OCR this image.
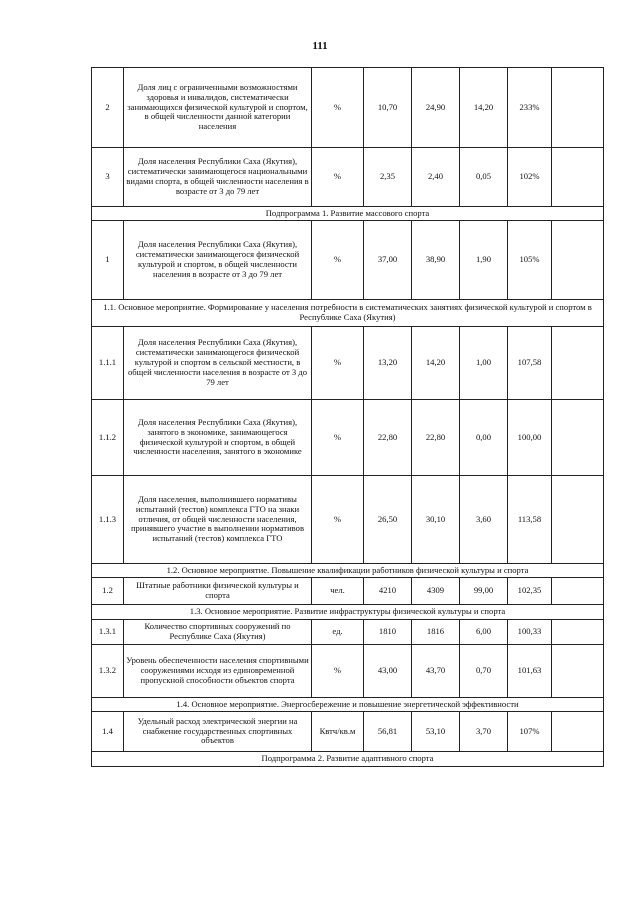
111
2	Доля лиц с ограниченными возможностями здоровья и инвалидов, систематически занимающихся физической культурой и спортом, в общей численности данной категории населения	%	10,70	24,90	14,20	233%	
3	Доля населения Республики Саха (Якутия), систематически занимающегося национальными видами спорта, в общей численности населения в возрасте от 3 до 79 лет	%	2,35	2,40	0,05	102%	
Подпрограмма 1. Развитие массового спорта							
1	Доля населения Республики Саха (Якутия), систематически занимающегося физической культурой и спортом, в общей численности населения в возрасте от 3 до 79 лет	%	37,00	38,90	1,90	105%	
1.1. Основное мероприятие. Формирование у населения потребности в систематических занятиях физической культурой и спортом в Республике Саха (Якутия)							
1.1.1	Доля населения Республики Саха (Якутия), систематически занимающегося физической культурой и спортом в сельской местности, в общей численности населения в возрасте от 3 до 79 лет	%	13,20	14,20	1,00	107,58	
1.1.2	Доля населения Республики Саха (Якутия), занятого в экономике, занимающегося физической культурой и спортом, в общей численности населения, занятого в экономике	%	22,80	22,80	0,00	100,00	
1.1.3	Доля населения, выполнившего нормативы испытаний (тестов) комплекса ГТО на знаки отличия, от общей численности населения, принявшего участие в выполнении нормативов испытаний (тестов) комплекса ГТО	%	26,50	30,10	3,60	113,58	
1.2. Основное мероприятие. Повышение квалификации работников физической культуры и спорта							
1.2	Штатные работники физической культуры и спорта	чел.	4210	4309	99,00	102,35	
1.3. Основное мероприятие. Развитие инфраструктуры физической культуры и спорта							
1.3.1	Количество спортивных сооружений по Республике Саха (Якутия)	ед.	1810	1816	6,00	100,33	
1.3.2	Уровень обеспеченности населения спортивными сооружениями исходя из единовременной пропускной способности объектов спорта	%	43,00	43,70	0,70	101,63	
1.4. Основное мероприятие. Энергосбережение и повышение энергетической эффективности							
1.4	Удельный расход электрической энергии на снабжение государственных спортивных объектов	Квтч/кв.м	56,81	53,10	3,70	107%	
Подпрограмма 2. Развитие адаптивного спорта							
